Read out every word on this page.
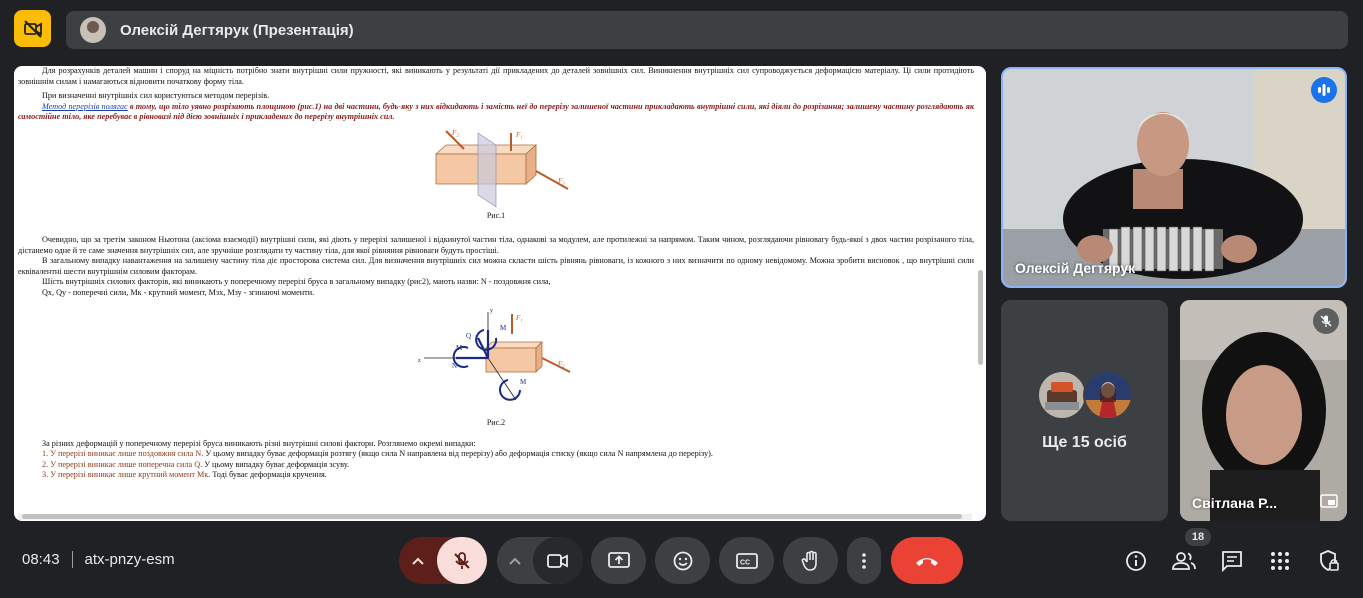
Олексій Дегтярук (Презентація)

Для розрахунків деталей машин і споруд на міцність потрібно знати внутрішні сили пружності, які виникають у результаті дії прикладених до деталей зовнішніх сил. Виникнення внутрішніх сил супроводжується деформацією матеріалу. Ці сили протидіють зовнішнім силам і намагаються відновити початкову форму тіла.

При визначенні внутрішніх сил користуються методом перерізів.

Метод перерізів полягає в тому, що тіло уявно розрізають площиною (рис.1) на дві частини, будь-яку з них відкидають і замість неї до перерізу залишеної частини прикладають внутрішні сили, які діяли до розрізання; залишену частину розглядають як самостійне тіло, яке перебуває в рівновазі під дією зовнішніх і прикладених до перерізу внутрішніх сил.

F₂	F₁
F₃
Рис.1

Очевидно, що за третім законом Ньютона (аксіома взаємодії) внутрішні сили, які діють у перерізі залишеної і відкинутої частин тіла, однакові за модулем, але протилежні за напрямом. Таким чином, розглядаючи рівновагу будь-якої з двох частин розрізаного тіла, дістанемо одне й те саме значення внутрішніх сил, але зручніше розглядати ту частину тіла, для якої рівняння рівноваги будуть простіші.

В загальному випадку навантаження на залишену частину тіла діє просторова система сил. Для визначення внутрішніх сил можна скласти шість рівнянь рівноваги, із кожного з них визначити по одному невідомому. Можна зробити висновок , що внутрішні сили еквівалентні шести внутрішнім силовим факторам.

Шість внутрішніх силових факторів, які виникають у поперечному перерізі бруса в загальному випадку (рис2), мають назви: N - поздовжня сила,

Qx, Qy - поперечні сили, Mк - крутний момент, Mзх, Мзу - згинаючі моменти.

F₁
F₂
z
y
N
Q
M
M
M
Рис.2

За різних деформацій у поперечному перерізі бруса виникають різні внутрішні силові фактори. Розглянемо окремі випадки:

1. У перерізі виникає лише поздовжня сила N. У цьому випадку буває деформація розтягу (якщо сила N направлена від перерізу) або деформація стиску (якщо сила N напрямлена до перерізу).

2. У перерізі виникає лише поперечна сила Q. У цьому випадку буває деформація зсуву.

3. У перерізі виникає лише крутний момент Mк. Тоді буває деформація кручення.

Олексій Дегтярук
Ще 15 осіб
Світлана Р...
08:43 atx-pnzy-esm	CC
18
